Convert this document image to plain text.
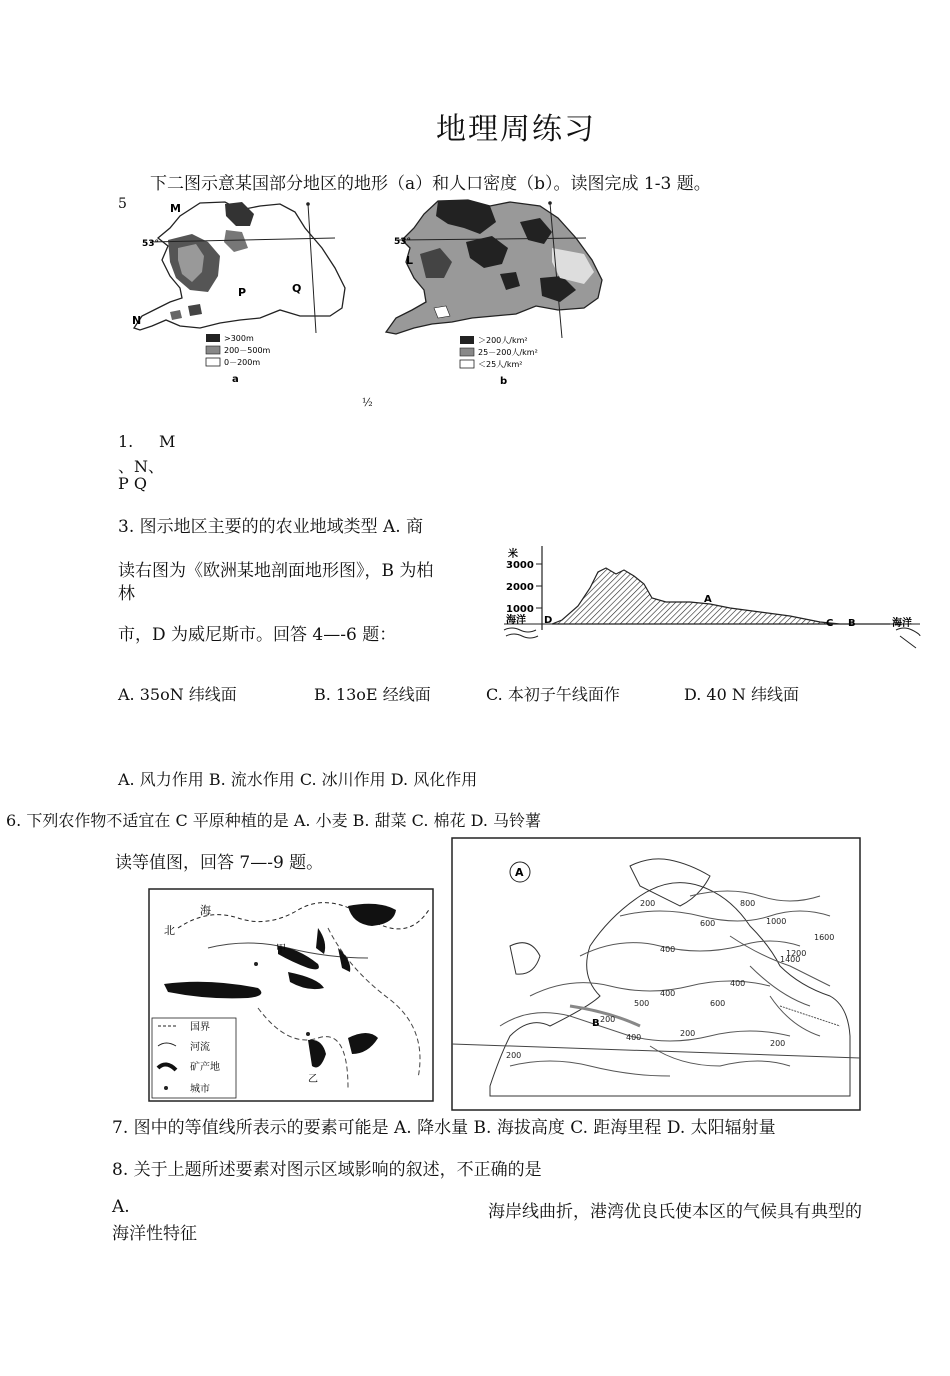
地理周练习
下二图示意某国部分地区的地形（a）和人口密度（b）。读图完成 1-3 题。
5	M
P	Q
N
53°
>300m
200－500m
0－200m
a
53°
L
＞200人/km²
25－200人/km²
＜25人/km²
b
½
1. M
、N、
P Q
3. 图示地区主要的的农业地域类型 A. 商
读右图为《欧洲某地剖面地形图》，B 为柏
林
市，D 为威尼斯市。回答 4—-6 题：
米
3000
2000
1000
D
A
C B
海洋	海洋
A. 35oN 纬线面	B. 13oE 经线面	C. 本初子午线面作	D. 40 N 纬线面
A. 风力作用 B. 流水作用 C. 冰川作用 D. 风化作用
6. 下列农作物不适宜在 C 平原种植的是 A. 小麦 B. 甜菜 C. 棉花 D. 马铃薯
读等值图，回答 7—-9 题。
海
北
甲
乙
国界
河流
矿产地
城市
A
B 200
200
400
600
800
1000
1200
1400
1600
400
600
200
400
500
400
200
200
7. 图中的等值线所表示的要素可能是 A. 降水量 B. 海拔高度 C. 距海里程 D. 太阳辐射量
8. 关于上题所述要素对图示区域影响的叙述，不正确的是
A.	海岸线曲折，港湾优良氏使本区的气候具有典型的
海洋性特征
